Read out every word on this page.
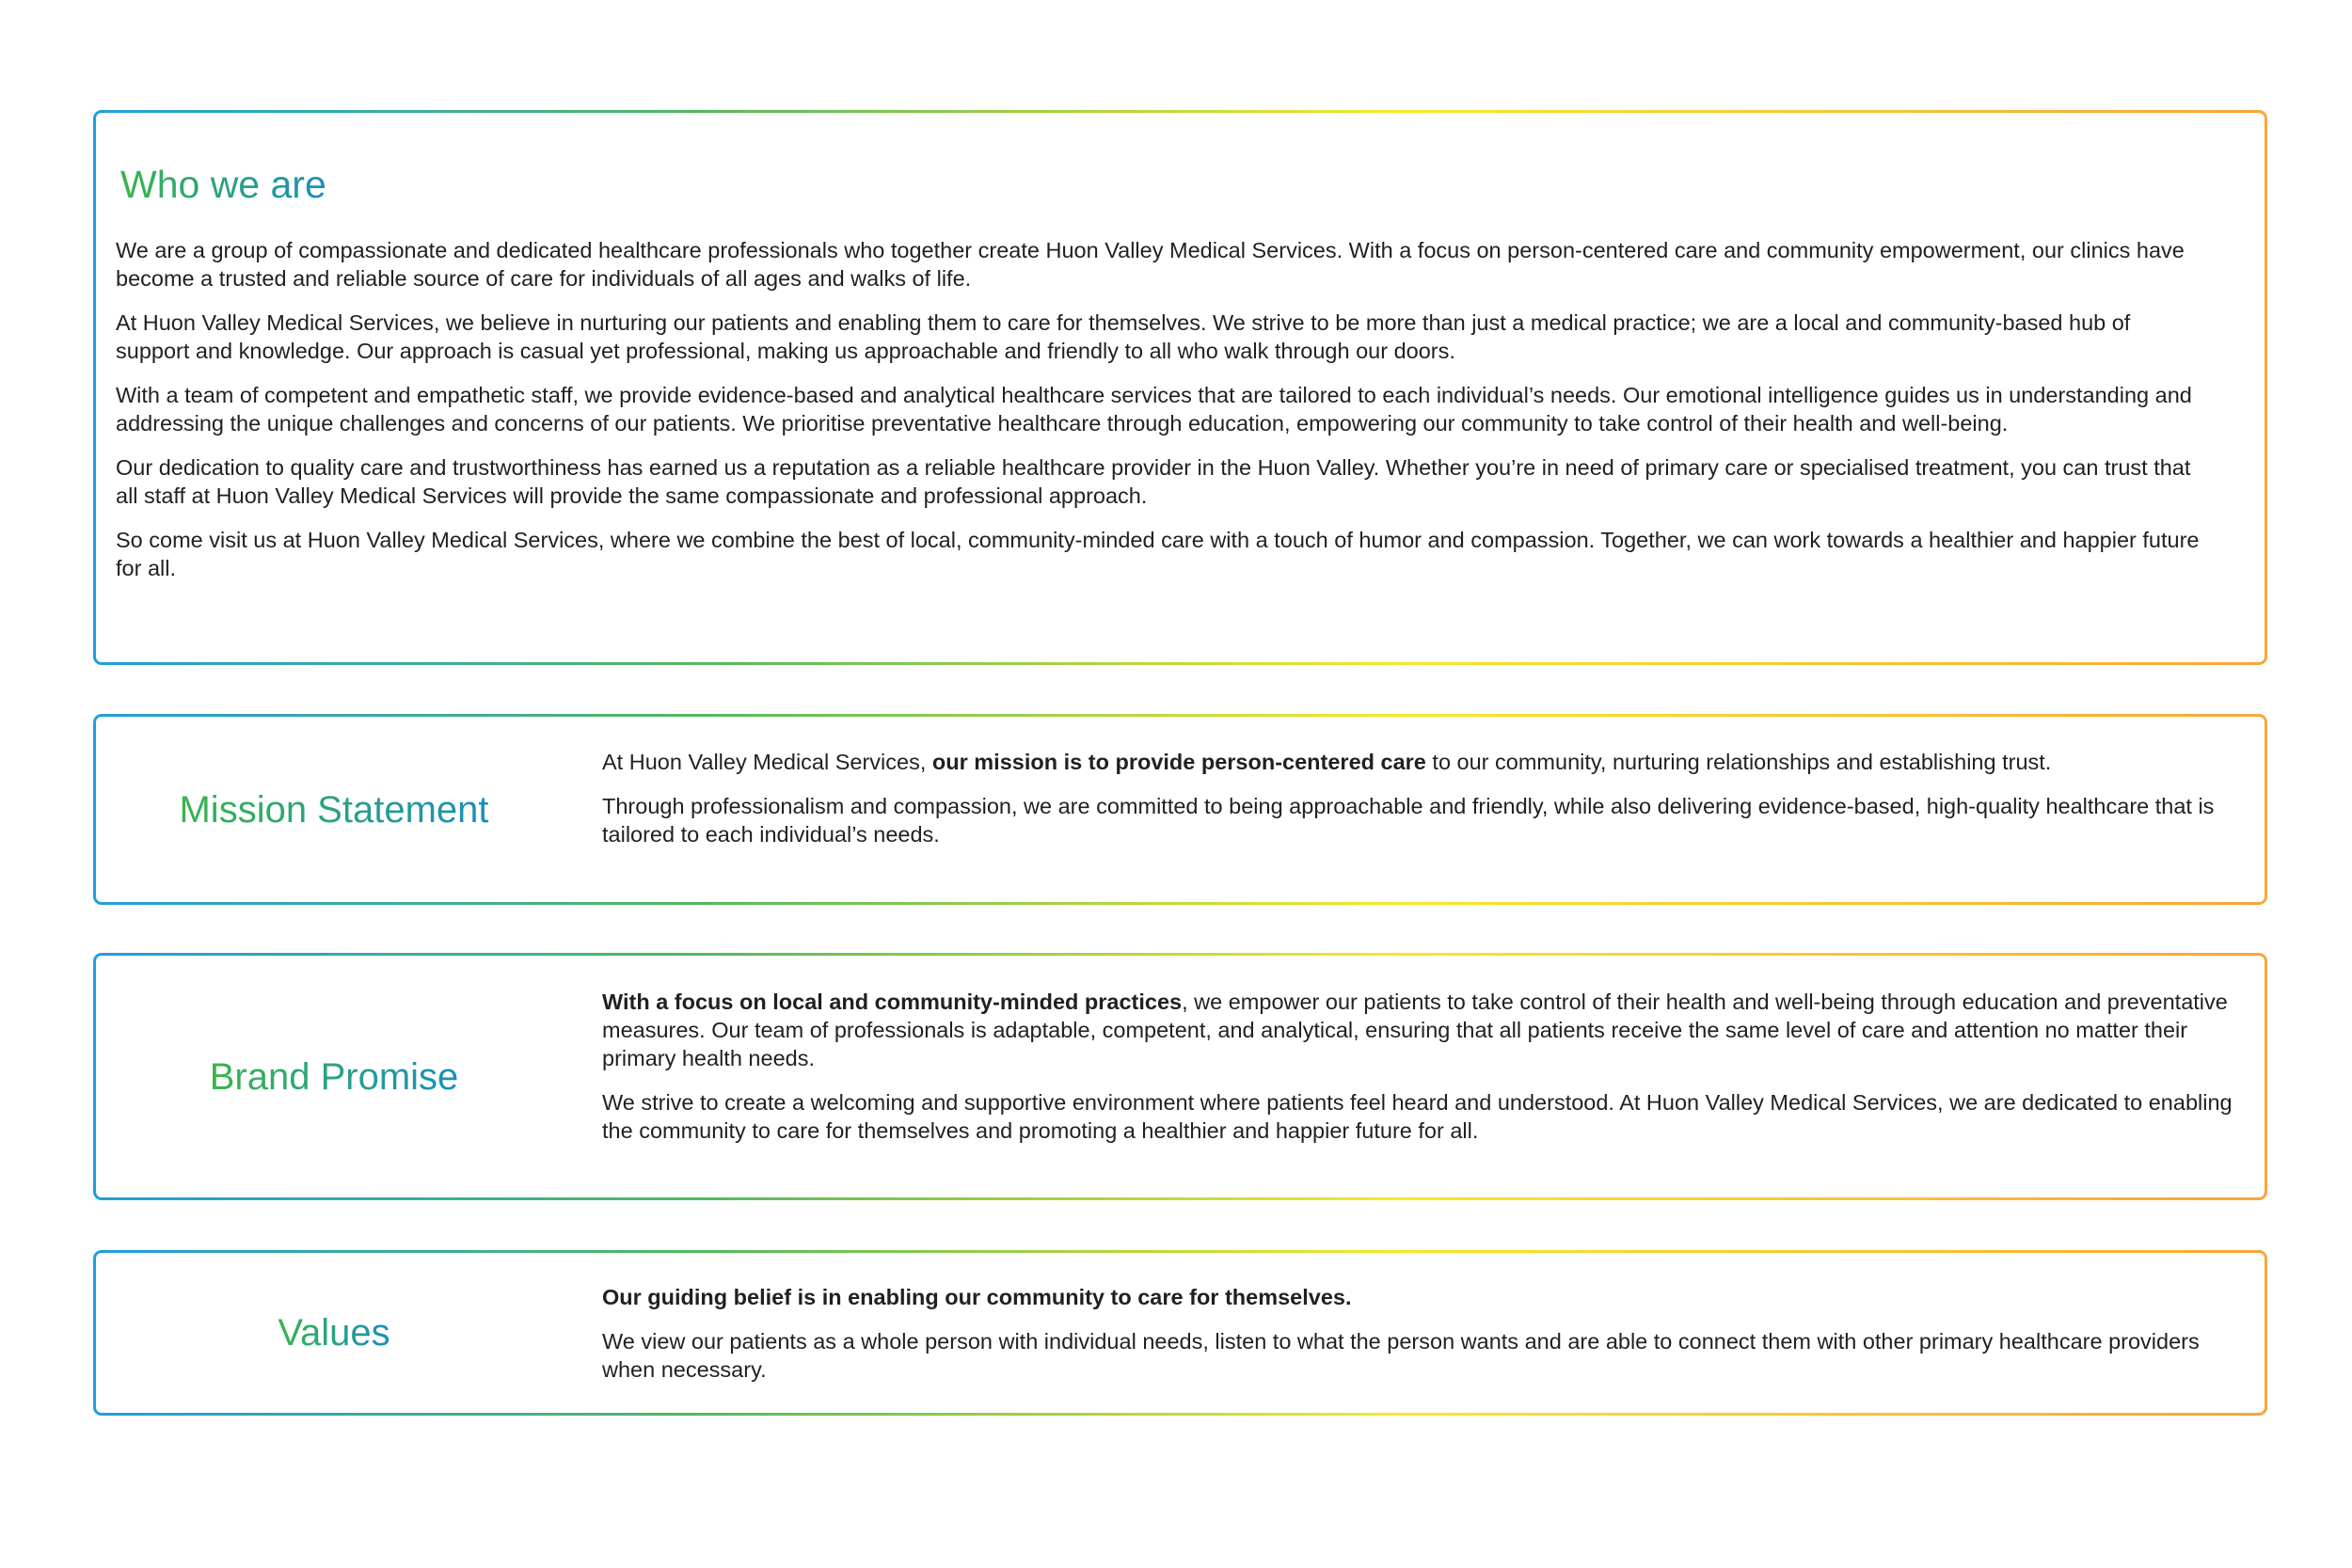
Who we are

We are a group of compassionate and dedicated healthcare professionals who together create Huon Valley Medical Services. With a focus on person-centered care and community empowerment, our clinics have become a trusted and reliable source of care for individuals of all ages and walks of life.

At Huon Valley Medical Services, we believe in nurturing our patients and enabling them to care for themselves. We strive to be more than just a medical practice; we are a local and community-based hub of support and knowledge. Our approach is casual yet professional, making us approachable and friendly to all who walk through our doors.

With a team of competent and empathetic staff, we provide evidence-based and analytical healthcare services that are tailored to each individual’s needs. Our emotional intelligence guides us in understanding and addressing the unique challenges and concerns of our patients. We prioritise preventative healthcare through education, empowering our community to take control of their health and well-being.

Our dedication to quality care and trustworthiness has earned us a reputation as a reliable healthcare provider in the Huon Valley. Whether you’re in need of primary care or specialised treatment, you can trust that all staff at Huon Valley Medical Services will provide the same compassionate and professional approach.

So come visit us at Huon Valley Medical Services, where we combine the best of local, community-minded care with a touch of humor and compassion. Together, we can work towards a healthier and happier future for all.

Mission Statement

At Huon Valley Medical Services, our mission is to provide person-centered care to our community, nurturing relationships and establishing trust.

Through professionalism and compassion, we are committed to being approachable and friendly, while also delivering evidence-based, high-quality healthcare that is tailored to each individual’s needs.

Brand Promise

With a focus on local and community-minded practices, we empower our patients to take control of their health and well-being through education and preventative measures. Our team of professionals is adaptable, competent, and analytical, ensuring that all patients receive the same level of care and attention no matter their primary health needs.

We strive to create a welcoming and supportive environment where patients feel heard and understood. At Huon Valley Medical Services, we are dedicated to enabling the community to care for themselves and promoting a healthier and happier future for all.

Values

Our guiding belief is in enabling our community to care for themselves.

We view our patients as a whole person with individual needs, listen to what the person wants and are able to connect them with other primary healthcare providers when necessary.
